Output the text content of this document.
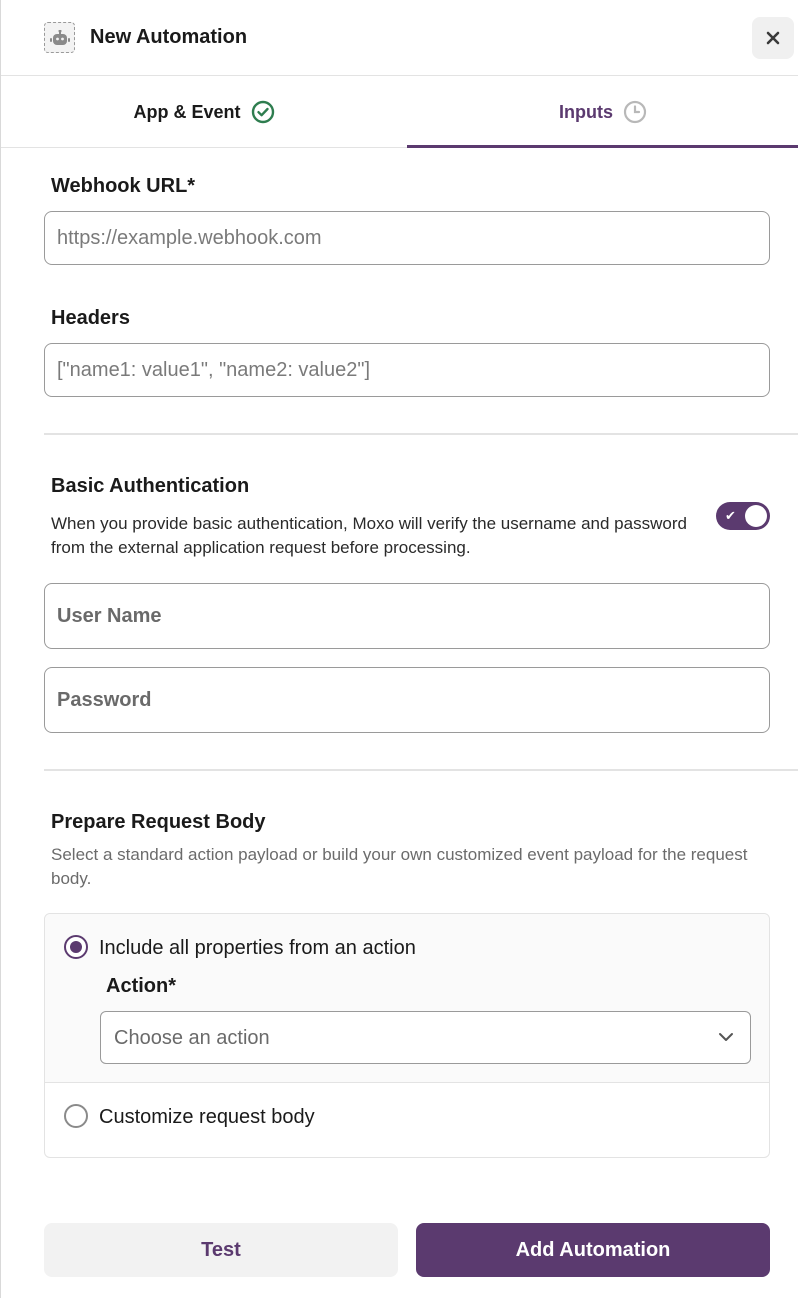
New Automation
App & Event	Inputs
Webhook URL*
https://example.webhook.com
Headers
["name1: value1", "name2: value2"]
Basic Authentication
When you provide basic authentication, Moxo will verify the username and password from the external application request before processing.
✔
User Name
Prepare Request Body
Select a standard action payload or build your own customized event payload for the request body.
Include all properties from an action
Action*
Choose an action
Customize request body
Test	Add Automation
